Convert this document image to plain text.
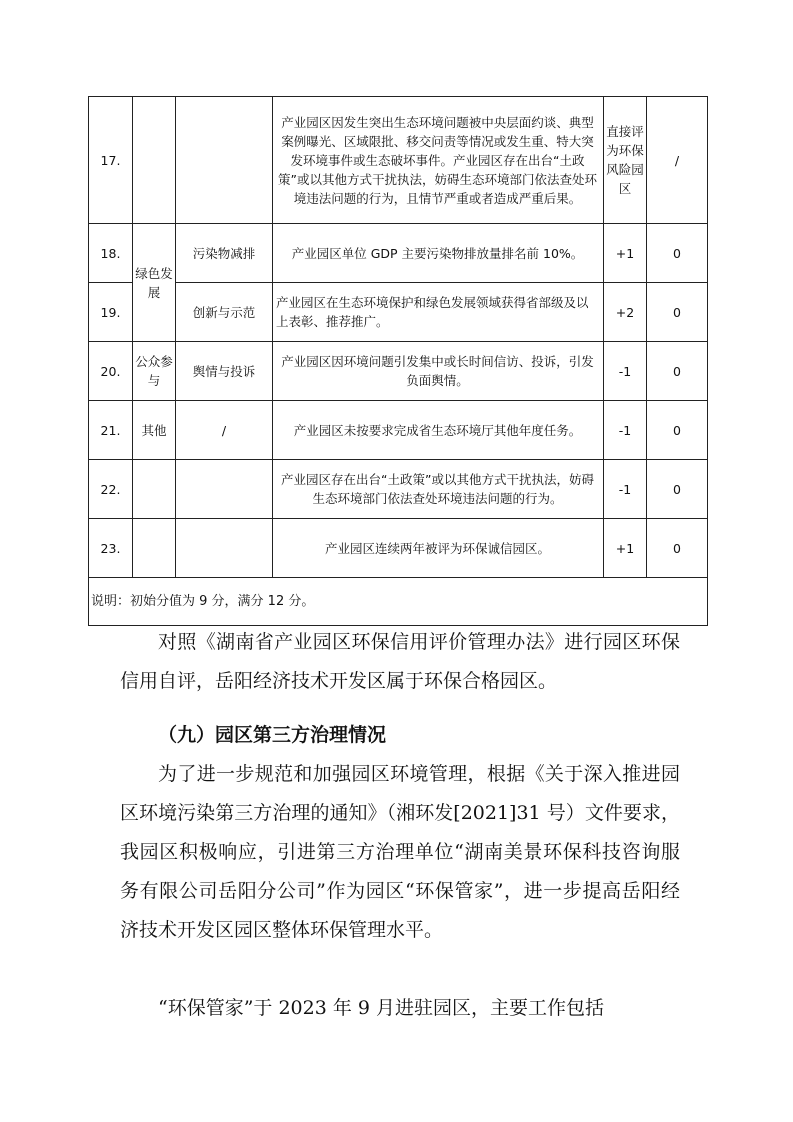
17.			产业园区因发生突出生态环境问题被中央层面约谈、典型案例曝光、区域限批、移交问责等情况或发生重、特大突发环境事件或生态破坏事件。产业园区存在出台“土政策”或以其他方式干扰执法，妨碍生态环境部门依法查处环境违法问题的行为，且情节严重或者造成严重后果。	直接评为环保风险园区	/
18.	绿色发展	污染物减排	产业园区单位 GDP 主要污染物排放量排名前 10%。	+1	0
19.		创新与示范	产业园区在生态环境保护和绿色发展领域获得省部级及以上表彰、推荐推广。	+2	0
20.	公众参与	舆情与投诉	产业园区因环境问题引发集中或长时间信访、投诉，引发负面舆情。	-1	0
21.	其他	/	产业园区未按要求完成省生态环境厅其他年度任务。	-1	0
22.			产业园区存在出台“土政策”或以其他方式干扰执法，妨碍生态环境部门依法查处环境违法问题的行为。	-1	0
23.			产业园区连续两年被评为环保诚信园区。	+1	0
说明：初始分值为 9 分，满分 12 分。					

对照《湖南省产业园区环保信用评价管理办法》进行园区环保信用自评，岳阳经济技术开发区属于环保合格园区。

（九）园区第三方治理情况

为了进一步规范和加强园区环境管理，根据《关于深入推进园区环境污染第三方治理的通知》（湘环发[2021]31 号）文件要求，我园区积极响应，引进第三方治理单位“湖南美景环保科技咨询服务有限公司岳阳分公司”作为园区“环保管家”，进一步提高岳阳经济技术开发区园区整体环保管理水平。

“环保管家”于 2023 年 9 月进驻园区，主要工作包括
